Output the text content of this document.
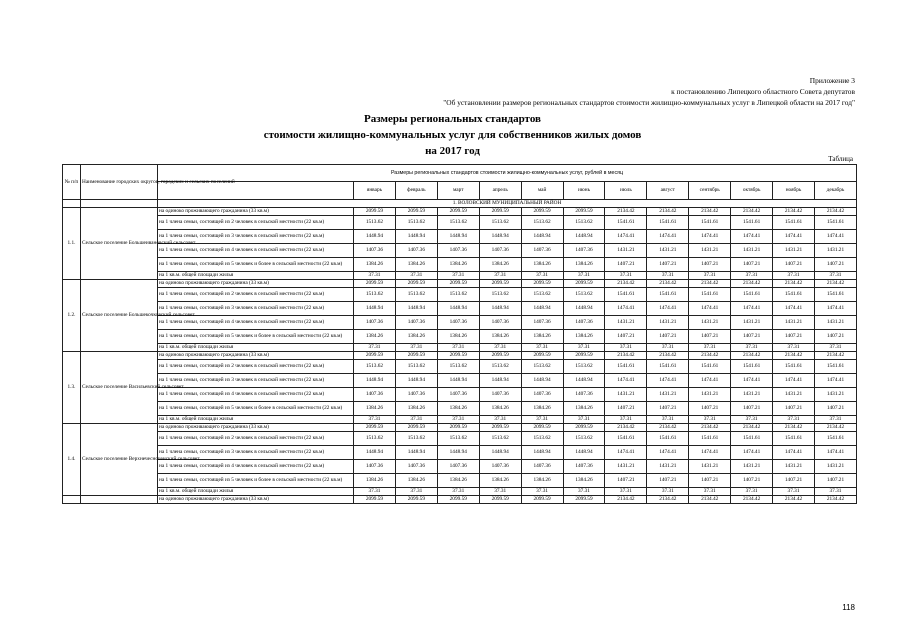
Приложение 3
к постановлению Липецкого областного Совета депутатов
"Об установлении размеров региональных стандартов стоимости жилищно-коммунальных услуг в Липецкой области на 2017 год"
Размеры региональных стандартов
стоимости жилищно-коммунальных услуг для собственников жилых домов
на 2017 год
Таблица
№ п/п	Наименование городских округов, городских и сельских поселений	Размеры региональных стандартов стоимости жилищно-коммунальных услуг, рублей в месяц												
			январь	февраль	март	апрель	май	июнь	июль	август	сентябрь	октябрь	ноябрь	декабрь
		1. ВОЛОВСКИЙ МУНИЦИПАЛЬНЫЙ РАЙОН												
1.1.	Сельское поселение Большеивановский сельсовет	на одиноко проживающего гражданина (33 кв.м)	2099.59	2099.59	2099.59	2099.59	2099.59	2099.59	2134.42	2134.42	2134.42	2134.42	2134.42	2134.42
		на 1 члена семьи, состоящей из 2 человек в сельской местности (22 кв.м)	1513.62	1513.62	1513.62	1513.62	1513.62	1513.62	1541.61	1541.61	1541.61	1541.61	1541.61	1541.61
		на 1 члена семьи, состоящей из 3 человек в сельской местности (22 кв.м)	1448.94	1448.94	1448.94	1448.94	1448.94	1448.94	1474.41	1474.41	1474.41	1474.41	1474.41	1474.41
		на 1 члена семьи, состоящей из 4 человек в сельской местности (22 кв.м)	1407.36	1407.36	1407.36	1407.36	1407.36	1407.36	1431.21	1431.21	1431.21	1431.21	1431.21	1431.21
		на 1 члена семьи, состоящей из 5 человек и более в сельской местности (22 кв.м)	1384.26	1384.26	1384.26	1384.26	1384.26	1384.26	1407.21	1407.21	1407.21	1407.21	1407.21	1407.21
		на 1 кв.м. общей площади жилья	37.31	37.31	37.31	37.31	37.31	37.31	37.31	37.31	37.31	37.31	37.31	37.31
1.2.	Сельское поселение Большекочковский сельсовет	на одиноко проживающего гражданина (33 кв.м)	2099.59	2099.59	2099.59	2099.59	2099.59	2099.59	2134.42	2134.42	2134.42	2134.42	2134.42	2134.42
		на 1 члена семьи, состоящей из 2 человек в сельской местности (22 кв.м)	1513.62	1513.62	1513.62	1513.62	1513.62	1513.62	1541.61	1541.61	1541.61	1541.61	1541.61	1541.61
		на 1 члена семьи, состоящей из 3 человек в сельской местности (22 кв.м)	1448.94	1448.94	1448.94	1448.94	1448.94	1448.94	1474.41	1474.41	1474.41	1474.41	1474.41	1474.41
		на 1 члена семьи, состоящей из 4 человек в сельской местности (22 кв.м)	1407.36	1407.36	1407.36	1407.36	1407.36	1407.36	1431.21	1431.21	1431.21	1431.21	1431.21	1431.21
		на 1 члена семьи, состоящей из 5 человек и более в сельской местности (22 кв.м)	1384.26	1384.26	1384.26	1384.26	1384.26	1384.26	1407.21	1407.21	1407.21	1407.21	1407.21	1407.21
		на 1 кв.м. общей площади жилья	37.31	37.31	37.31	37.31	37.31	37.31	37.31	37.31	37.31	37.31	37.31	37.31
1.3.	Сельское поселение Васильевский сельсовет	на одиноко проживающего гражданина (33 кв.м)	2099.59	2099.59	2099.59	2099.59	2099.59	2099.59	2134.42	2134.42	2134.42	2134.42	2134.42	2134.42
		на 1 члена семьи, состоящей из 2 человек в сельской местности (22 кв.м)	1513.62	1513.62	1513.62	1513.62	1513.62	1513.62	1541.61	1541.61	1541.61	1541.61	1541.61	1541.61
		на 1 члена семьи, состоящей из 3 человек в сельской местности (22 кв.м)	1448.94	1448.94	1448.94	1448.94	1448.94	1448.94	1474.41	1474.41	1474.41	1474.41	1474.41	1474.41
		на 1 члена семьи, состоящей из 4 человек в сельской местности (22 кв.м)	1407.36	1407.36	1407.36	1407.36	1407.36	1407.36	1431.21	1431.21	1431.21	1431.21	1431.21	1431.21
		на 1 члена семьи, состоящей из 5 человек и более в сельской местности (22 кв.м)	1384.26	1384.26	1384.26	1384.26	1384.26	1384.26	1407.21	1407.21	1407.21	1407.21	1407.21	1407.21
		на 1 кв.м. общей площади жилья	37.31	37.31	37.31	37.31	37.31	37.31	37.31	37.31	37.31	37.31	37.31	37.31
1.4.	Сельское поселение Верхнечесноченский сельсовет	на одиноко проживающего гражданина (33 кв.м)	2099.59	2099.59	2099.59	2099.59	2099.59	2099.59	2134.42	2134.42	2134.42	2134.42	2134.42	2134.42
		на 1 члена семьи, состоящей из 2 человек в сельской местности (22 кв.м)	1513.62	1513.62	1513.62	1513.62	1513.62	1513.62	1541.61	1541.61	1541.61	1541.61	1541.61	1541.61
		на 1 члена семьи, состоящей из 3 человек в сельской местности (22 кв.м)	1448.94	1448.94	1448.94	1448.94	1448.94	1448.94	1474.41	1474.41	1474.41	1474.41	1474.41	1474.41
		на 1 члена семьи, состоящей из 4 человек в сельской местности (22 кв.м)	1407.36	1407.36	1407.36	1407.36	1407.36	1407.36	1431.21	1431.21	1431.21	1431.21	1431.21	1431.21
		на 1 члена семьи, состоящей из 5 человек и более в сельской местности (22 кв.м)	1384.26	1384.26	1384.26	1384.26	1384.26	1384.26	1407.21	1407.21	1407.21	1407.21	1407.21	1407.21
		на 1 кв.м. общей площади жилья	37.31	37.31	37.31	37.31	37.31	37.31	37.31	37.31	37.31	37.31	37.31	37.31
		на одиноко проживающего гражданина (33 кв.м)	2099.59	2099.59	2099.59	2099.59	2099.59	2099.59	2134.42	2134.42	2134.42	2134.42	2134.42	2134.42
118
